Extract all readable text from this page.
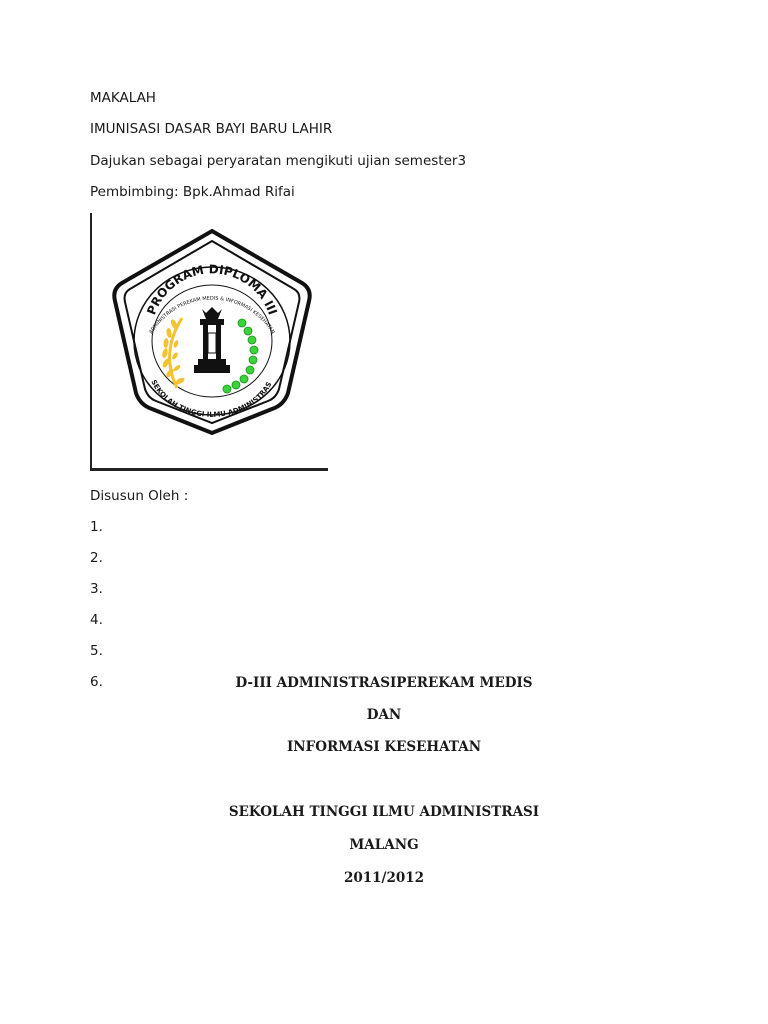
MAKALAH
IMUNISASI DASAR BAYI BARU LAHIR
Dajukan sebagai peryaratan mengikuti ujian semester3
Pembimbing: Bpk.Ahmad Rifai
PROGRAM DIPLOMA III
ADMINISTRASI PEREKAM MEDIS & INFORMASI KESEHATAN
SEKOLAH TINGGI ILMU ADMINISTRAS
Disusun Oleh :
1.
2.
3.
4.
5.
6.	D-III ADMINISTRASIPEREKAM MEDIS
DAN
INFORMASI KESEHATAN
SEKOLAH TINGGI ILMU ADMINISTRASI
MALANG
2011/2012
